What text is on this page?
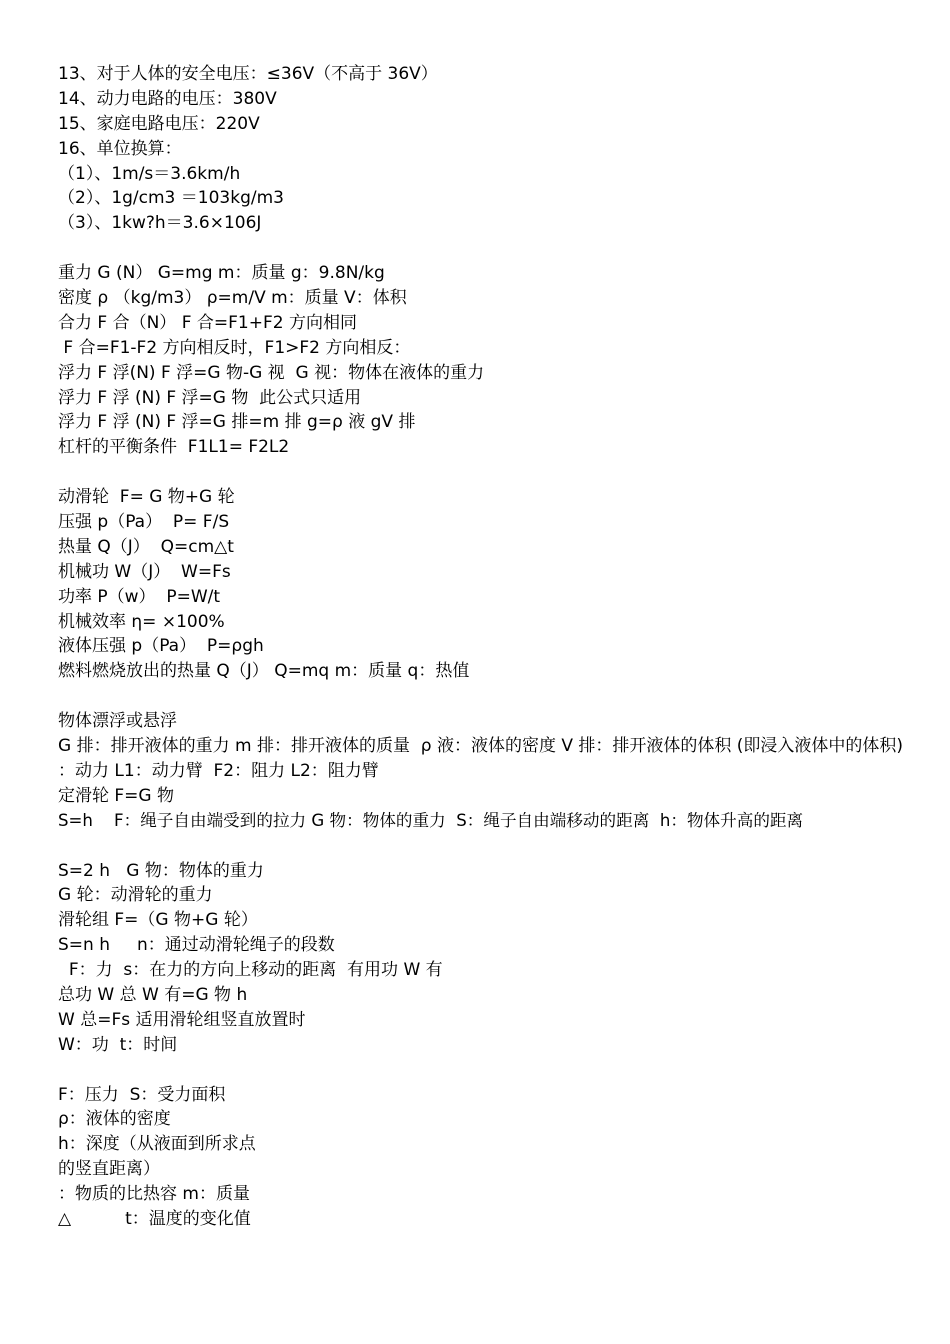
13、对于人体的安全电压：≤36V（不高于 36V）
14、动力电路的电压：380V
15、家庭电路电压：220V
16、单位换算：
（1）、1m/s＝3.6km/h
（2）、1g/cm3 ＝103kg/m3
（3）、1kw?h＝3.6×106J
重力 G (N） G=mg m：质量 g：9.8N/kg
密度 ρ （kg/m3） ρ=m/V m：质量 V：体积
合力 F 合（N） F 合=F1+F2 方向相同
F 合=F1-F2 方向相反时，F1>F2 方向相反：
浮力 F 浮(N) F 浮=G 物-G 视  G 视：物体在液体的重力
浮力 F 浮 (N) F 浮=G 物  此公式只适用
浮力 F 浮 (N) F 浮=G 排=m 排 g=ρ 液 gV 排
杠杆的平衡条件  F1L1= F2L2
动滑轮  F= G 物+G 轮
压强 p（Pa）  P= F/S
热量 Q（J）  Q=cm△t
机械功 W（J）  W=Fs
功率 P（w）  P=W/t
机械效率 η= ×100%
液体压强 p（Pa）  P=ρgh
燃料燃烧放出的热量 Q（J） Q=mq m：质量 q：热值
物体漂浮或悬浮
G 排：排开液体的重力 m 排：排开液体的质量  ρ 液：液体的密度 V 排：排开液体的体积 (即浸入液体中的体积)
：动力 L1：动力臂  F2：阻力 L2：阻力臂
定滑轮 F=G 物
S=h    F：绳子自由端受到的拉力 G 物：物体的重力  S：绳子自由端移动的距离  h：物体升高的距离
S=2 h   G 物：物体的重力
G 轮：动滑轮的重力
滑轮组 F=（G 物+G 轮）
S=n h     n：通过动滑轮绳子的段数
F：力  s：在力的方向上移动的距离  有用功 W 有
总功 W 总 W 有=G 物 h
W 总=Fs 适用滑轮组竖直放置时
W：功  t：时间
F：压力  S：受力面积
ρ：液体的密度
h：深度（从液面到所求点
的竖直距离）
：物质的比热容 m：质量
△          t：温度的变化值
